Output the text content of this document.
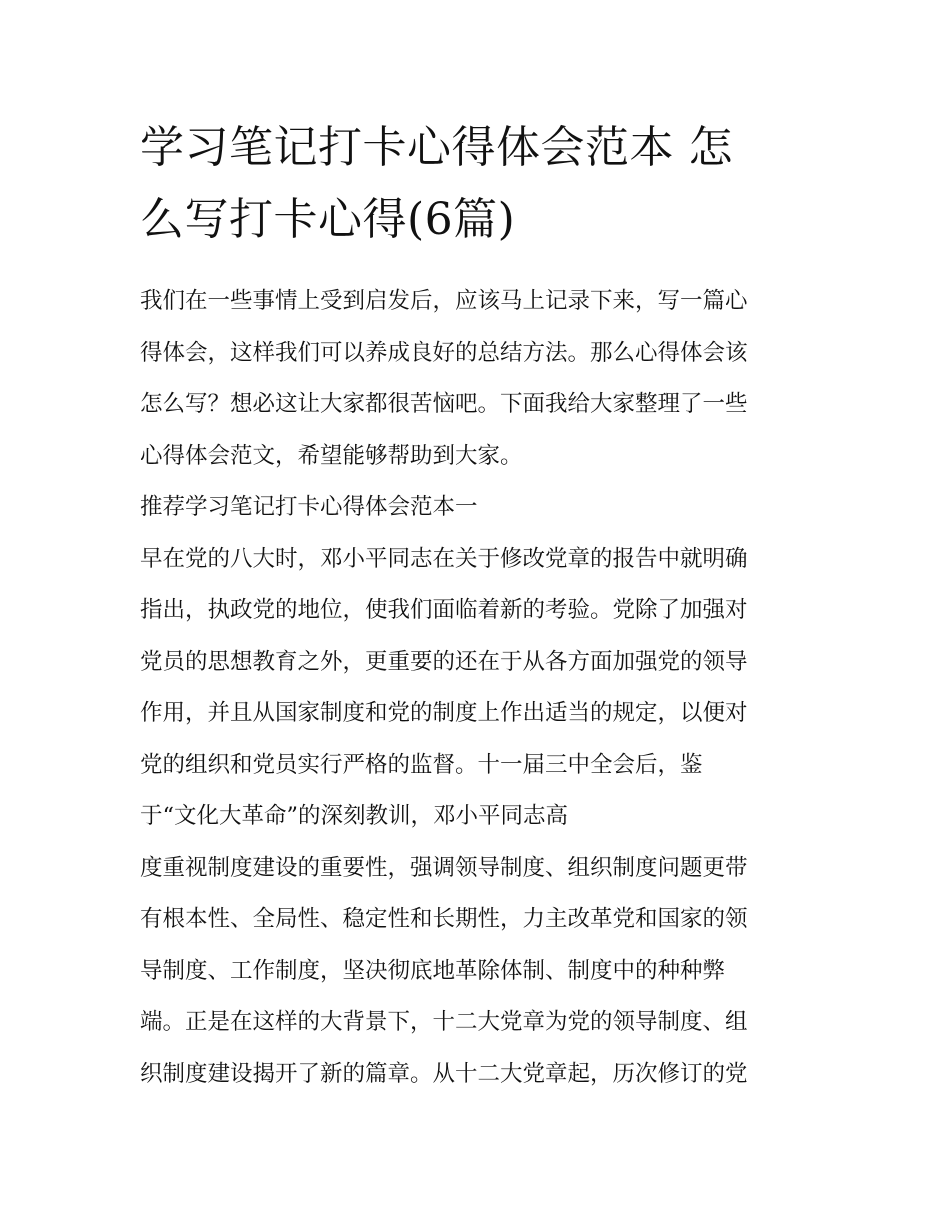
学习笔记打卡心得体会范本 怎
么写打卡心得(6篇)
我们在一些事情上受到启发后，应该马上记录下来，写一篇心
得体会，这样我们可以养成良好的总结方法。那么心得体会该
怎么写？想必这让大家都很苦恼吧。下面我给大家整理了一些
心得体会范文，希望能够帮助到大家。
推荐学习笔记打卡心得体会范本一
早在党的八大时，邓小平同志在关于修改党章的报告中就明确
指出，执政党的地位，使我们面临着新的考验。党除了加强对
党员的思想教育之外，更重要的还在于从各方面加强党的领导
作用，并且从国家制度和党的制度上作出适当的规定，以便对
党的组织和党员实行严格的监督。十一届三中全会后，鉴
于“文化大革命”的深刻教训，邓小平同志高
度重视制度建设的重要性，强调领导制度、组织制度问题更带
有根本性、全局性、稳定性和长期性，力主改革党和国家的领
导制度、工作制度，坚决彻底地革除体制、制度中的种种弊
端。正是在这样的大背景下，十二大党章为党的领导制度、组
织制度建设揭开了新的篇章。从十二大党章起，历次修订的党
